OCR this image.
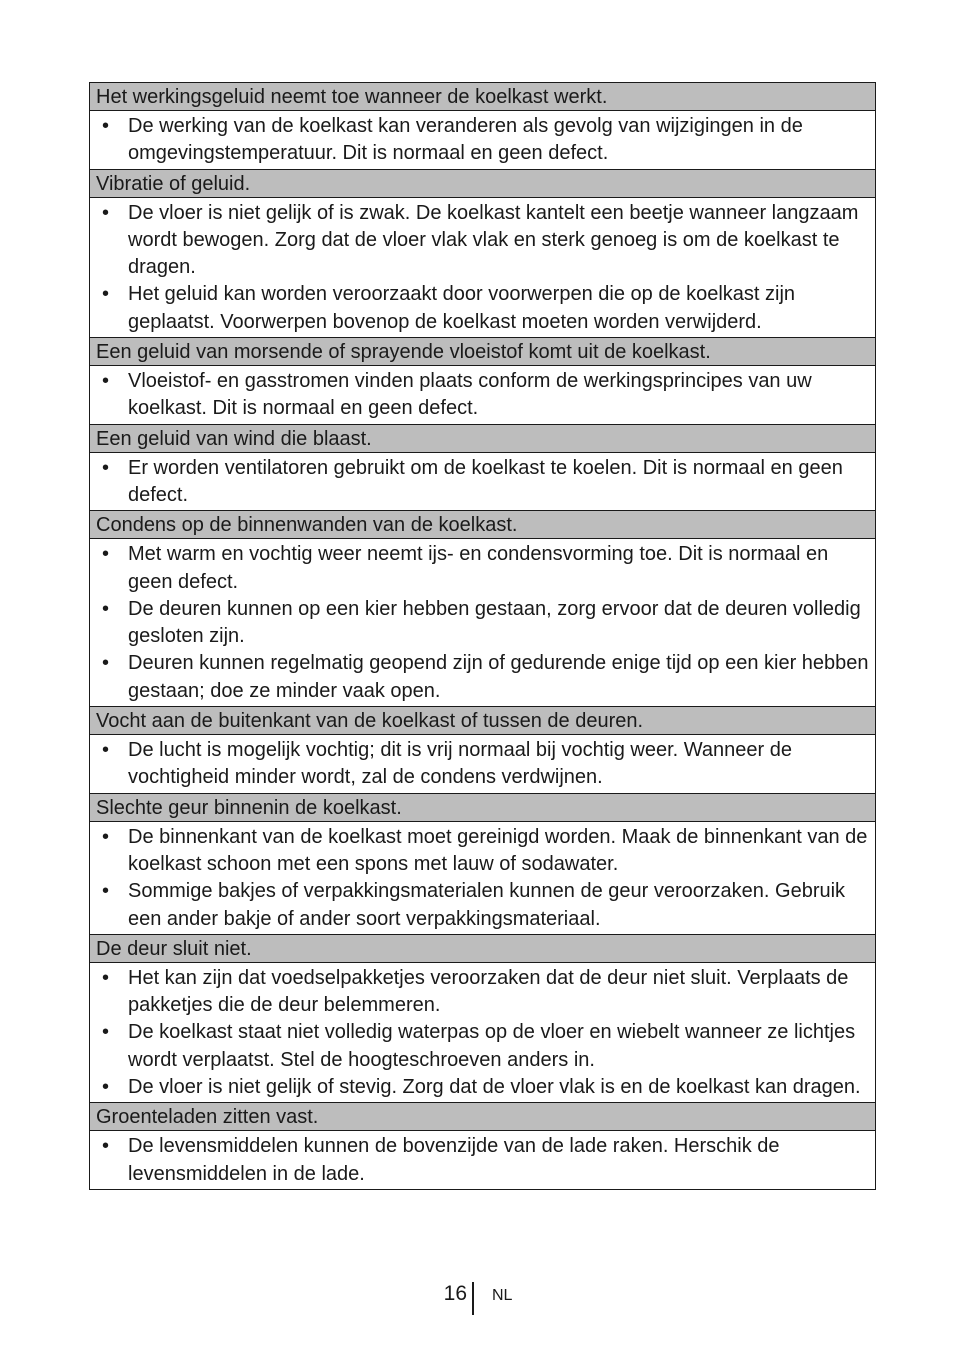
Het werkingsgeluid neemt toe wanneer de koelkast werkt.
• De werking van de koelkast kan veranderen als gevolg van wijzigingen in de omgevingstemperatuur. Dit is normaal en geen defect.
Vibratie of geluid.
• De vloer is niet gelijk of is zwak. De koelkast kantelt een beetje wanneer langzaam wordt bewogen. Zorg dat de vloer vlak vlak en sterk genoeg is om de koelkast te dragen.
• Het geluid kan worden veroorzaakt door voorwerpen die op de koelkast zijn geplaatst. Voorwerpen bovenop de koelkast moeten worden verwijderd.
Een geluid van morsende of sprayende vloeistof komt uit de koelkast.
• Vloeistof- en gasstromen vinden plaats conform de werkingsprincipes van uw koelkast. Dit is normaal en geen defect.
Een geluid van wind die blaast.
• Er worden ventilatoren gebruikt om de koelkast te koelen. Dit is normaal en geen defect.
Condens op de binnenwanden van de koelkast.
• Met warm en vochtig weer neemt ijs- en condensvorming toe. Dit is normaal en geen defect.
• De deuren kunnen op een kier hebben gestaan, zorg ervoor dat de deuren volledig gesloten zijn.
• Deuren kunnen regelmatig geopend zijn of gedurende enige tijd op een kier hebben gestaan; doe ze minder vaak open.
Vocht aan de buitenkant van de koelkast of tussen de deuren.
• De lucht is mogelijk vochtig; dit is vrij normaal bij vochtig weer. Wanneer de vochtigheid minder wordt, zal de condens verdwijnen.
Slechte geur binnenin de koelkast.
• De binnenkant van de koelkast moet gereinigd worden. Maak de binnenkant van de koelkast schoon met een spons met lauw of sodawater.
• Sommige bakjes of verpakkingsmaterialen kunnen de geur veroorzaken. Gebruik een ander bakje of ander soort verpakkingsmateriaal.
De deur sluit niet.
• Het kan zijn dat voedselpakketjes veroorzaken dat de deur niet sluit. Verplaats de pakketjes die de deur belemmeren.
• De koelkast staat niet volledig waterpas op de vloer en wiebelt wanneer ze lichtjes wordt verplaatst. Stel de hoogteschroeven anders in.
• De vloer is niet gelijk of stevig. Zorg dat de vloer vlak is en de koelkast kan dragen.
Groenteladen zitten vast.
• De levensmiddelen kunnen de bovenzijde van de lade raken. Herschik de levensmiddelen in de lade.
16 NL
